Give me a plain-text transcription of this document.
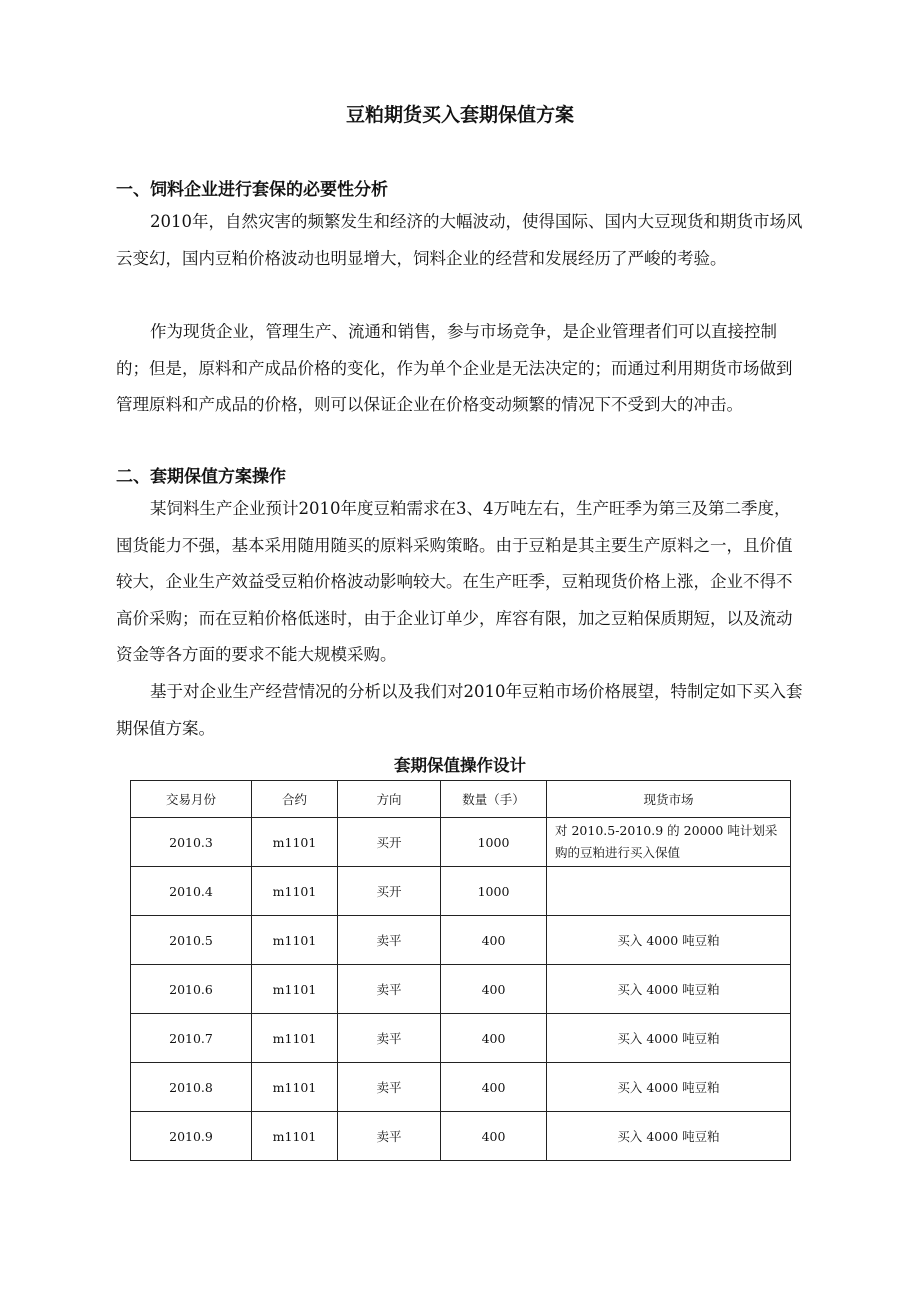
豆粕期货买入套期保值方案
一、饲料企业进行套保的必要性分析

2010年，自然灾害的频繁发生和经济的大幅波动，使得国际、国内大豆现货和期货市场风云变幻，国内豆粕价格波动也明显增大，饲料企业的经营和发展经历了严峻的考验。

作为现货企业，管理生产、流通和销售，参与市场竞争，是企业管理者们可以直接控制的；但是，原料和产成品价格的变化，作为单个企业是无法决定的；而通过利用期货市场做到管理原料和产成品的价格，则可以保证企业在价格变动频繁的情况下不受到大的冲击。

二、套期保值方案操作

某饲料生产企业预计2010年度豆粕需求在3、4万吨左右，生产旺季为第三及第二季度，囤货能力不强，基本采用随用随买的原料采购策略。由于豆粕是其主要生产原料之一，且价值较大，企业生产效益受豆粕价格波动影响较大。在生产旺季，豆粕现货价格上涨，企业不得不高价采购；而在豆粕价格低迷时，由于企业订单少，库容有限，加之豆粕保质期短，以及流动资金等各方面的要求不能大规模采购。

基于对企业生产经营情况的分析以及我们对2010年豆粕市场价格展望，特制定如下买入套期保值方案。

套期保值操作设计
交易月份	合约	方向	数量（手）	现货市场
2010.3	m1101	买开	1000	对 2010.5-2010.9 的 20000 吨计划采购的豆粕进行买入保值
2010.4	m1101	买开	1000	
2010.5	m1101	卖平	400	买入 4000 吨豆粕
2010.6	m1101	卖平	400	买入 4000 吨豆粕
2010.7	m1101	卖平	400	买入 4000 吨豆粕
2010.8	m1101	卖平	400	买入 4000 吨豆粕
2010.9	m1101	卖平	400	买入 4000 吨豆粕
